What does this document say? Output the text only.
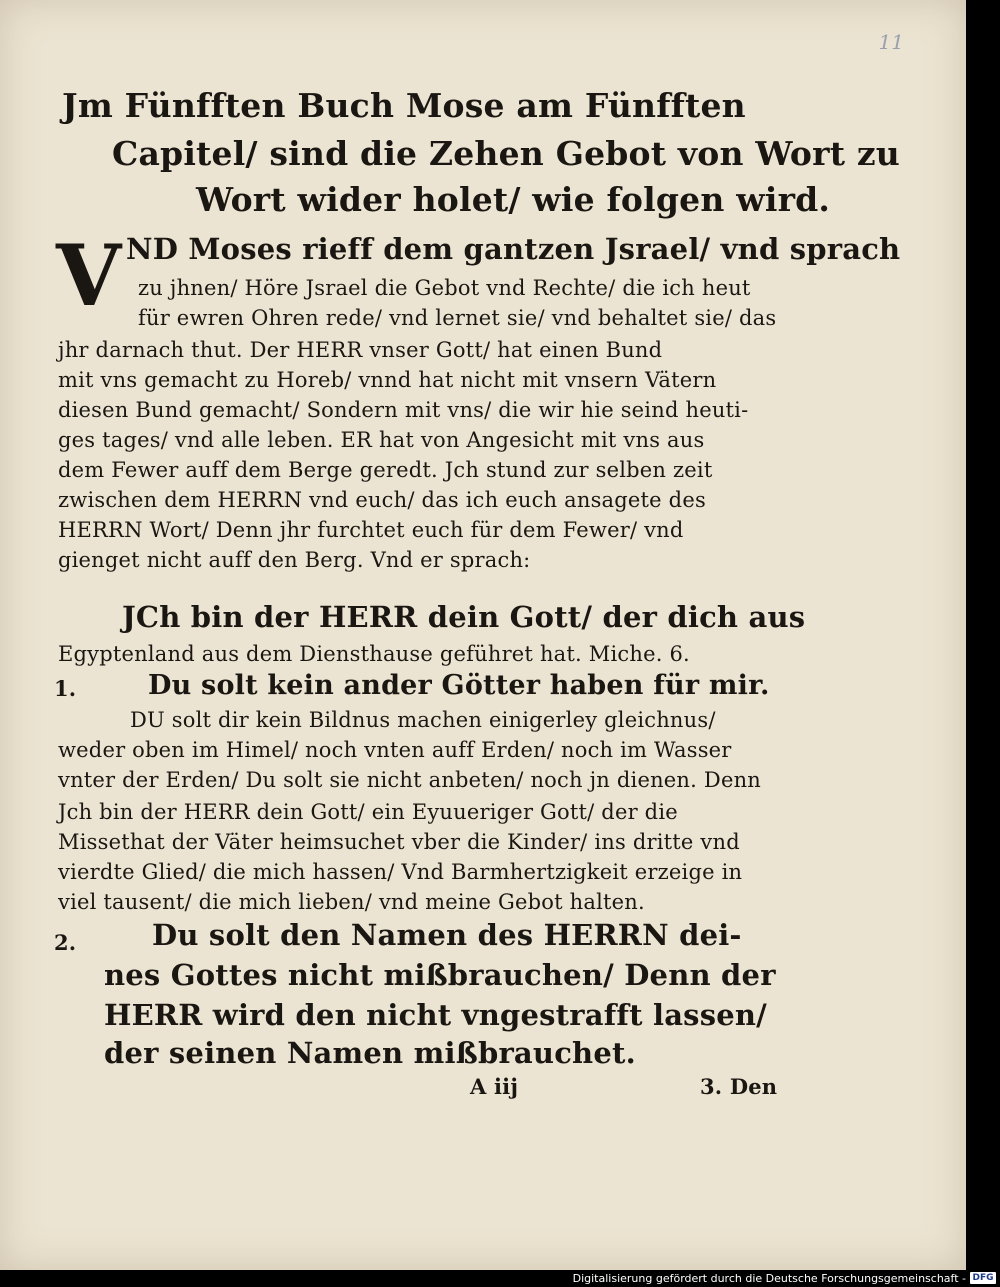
11
Jm Fünfften Buch Mose am Fünfften
Capitel/ sind die Zehen Gebot von Wort zu
Wort wider holet/ wie folgen wird.
V ND Moses rieff dem gantzen Jsrael/ vnd sprach
zu jhnen/ Höre Jsrael die Gebot vnd Rechte/ die ich heut
für ewren Ohren rede/ vnd lernet sie/ vnd behaltet sie/ das
jhr darnach thut. Der HERR vnser Gott/ hat einen Bund
mit vns gemacht zu Horeb/ vnnd hat nicht mit vnsern Vätern
diesen Bund gemacht/ Sondern mit vns/ die wir hie seind heuti-
ges tages/ vnd alle leben. ER hat von Angesicht mit vns aus
dem Fewer auff dem Berge geredt. Jch stund zur selben zeit
zwischen dem HERRN vnd euch/ das ich euch ansagete des
HERRN Wort/ Denn jhr furchtet euch für dem Fewer/ vnd
gienget nicht auff den Berg. Vnd er sprach:
JCh bin der HERR dein Gott/ der dich aus
Egyptenland aus dem Diensthause geführet hat. Miche. 6.
1.	Du solt kein ander Götter haben für mir.
DU solt dir kein Bildnus machen einigerley gleichnus/
weder oben im Himel/ noch vnten auff Erden/ noch im Wasser
vnter der Erden/ Du solt sie nicht anbeten/ noch jn dienen. Denn
Jch bin der HERR dein Gott/ ein Eyuueriger Gott/ der die
Missethat der Väter heimsuchet vber die Kinder/ ins dritte vnd
vierdte Glied/ die mich hassen/ Vnd Barmhertzigkeit erzeige in
viel tausent/ die mich lieben/ vnd meine Gebot halten.
2.	Du solt den Namen des HERRN dei-
nes Gottes nicht mißbrauchen/ Denn der
HERR wird den nicht vngestrafft lassen/
der seinen Namen mißbrauchet.
A iij	3. Den
Digitalisierung gefördert durch die Deutsche Forschungsgemeinschaft - DFG
